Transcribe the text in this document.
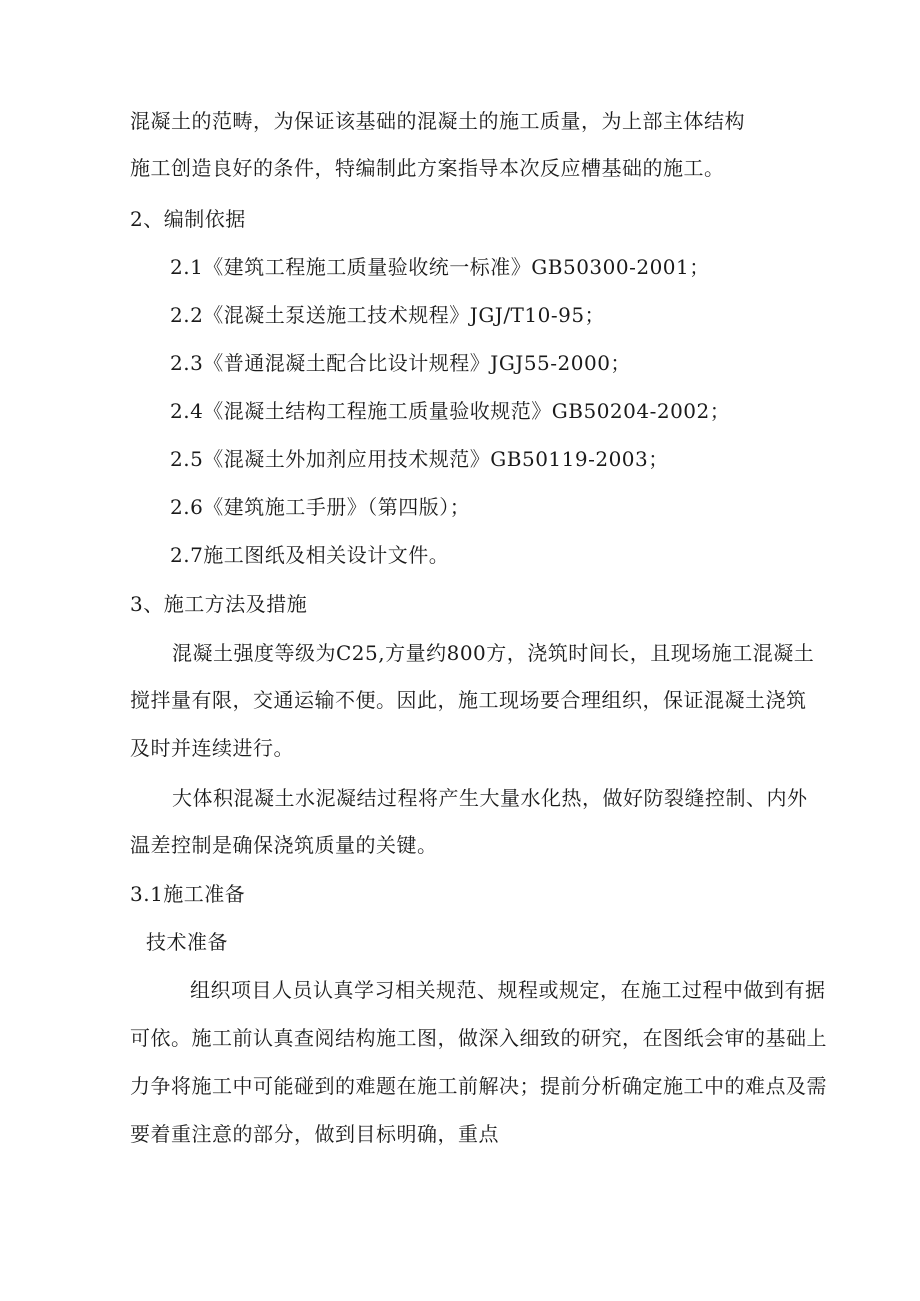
混凝土的范畴，为保证该基础的混凝土的施工质量，为上部主体结构
施工创造良好的条件，特编制此方案指导本次反应槽基础的施工。
2、编制依据
2.1《建筑工程施工质量验收统一标准》GB50300-2001；
2.2《混凝土泵送施工技术规程》JGJ/T10-95；
2.3《普通混凝土配合比设计规程》JGJ55-2000；
2.4《混凝土结构工程施工质量验收规范》GB50204-2002；
2.5《混凝土外加剂应用技术规范》GB50119-2003；
2.6《建筑施工手册》（第四版）；
2.7施工图纸及相关设计文件。
3、施工方法及措施
混凝土强度等级为C25,方量约800方，浇筑时间长，且现场施工混凝土
搅拌量有限，交通运输不便。因此，施工现场要合理组织，保证混凝土浇筑
及时并连续进行。
大体积混凝土水泥凝结过程将产生大量水化热，做好防裂缝控制、内外
温差控制是确保浇筑质量的关键。
3.1施工准备
技术准备
组织项目人员认真学习相关规范、规程或规定，在施工过程中做到有据
可依。施工前认真查阅结构施工图，做深入细致的研究，在图纸会审的基础上
力争将施工中可能碰到的难题在施工前解决；提前分析确定施工中的难点及需
要着重注意的部分，做到目标明确，重点
